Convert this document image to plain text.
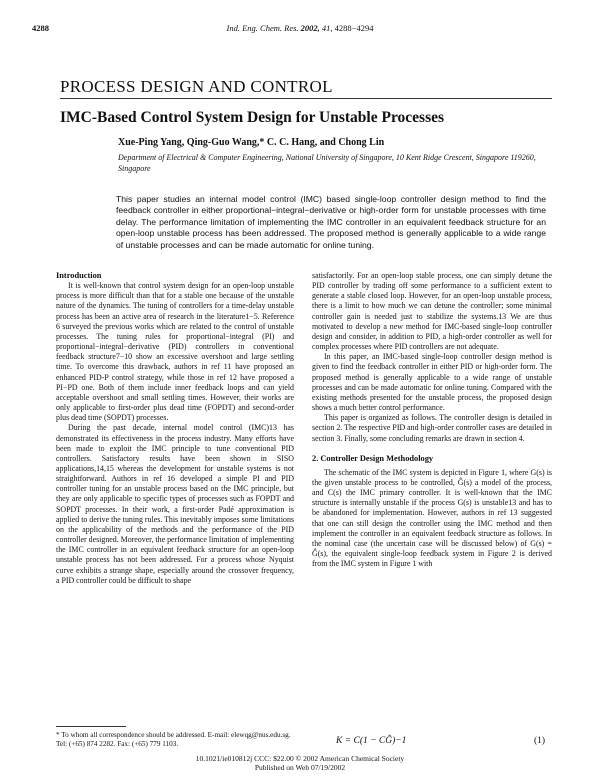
4288	Ind. Eng. Chem. Res. 2002, 41, 4288−4294
PROCESS DESIGN AND CONTROL
IMC-Based Control System Design for Unstable Processes
Xue-Ping Yang, Qing-Guo Wang,* C. C. Hang, and Chong Lin
Department of Electrical & Computer Engineering, National University of Singapore, 10 Kent Ridge Crescent, Singapore 119260, Singapore
This paper studies an internal model control (IMC) based single-loop controller design method to find the feedback controller in either proportional−integral−derivative or high-order form for unstable processes with time delay. The performance limitation of implementing the IMC controller in an equivalent feedback structure for an open-loop unstable process has been addressed. The proposed method is generally applicable to a wide range of unstable processes and can be made automatic for online tuning.
Introduction

It is well-known that control system design for an open-loop unstable process is more difficult than that for a stable one because of the unstable nature of the dynamics. The tuning of controllers for a time-delay unstable process has been an active area of research in the literature1−5. Reference 6 surveyed the previous works which are related to the control of unstable processes. The tuning rules for proportional−integral (PI) and proportional−integral−derivative (PID) controllers in conventional feedback structure7−10 show an excessive overshoot and large settling time. To overcome this drawback, authors in ref 11 have proposed an enhanced PID-P control strategy, while those in ref 12 have proposed a PI−PD one. Both of them include inner feedback loops and can yield acceptable overshoot and small settling times. However, their works are only applicable to first-order plus dead time (FOPDT) and second-order plus dead time (SOPDT) processes.

During the past decade, internal model control (IMC)13 has demonstrated its effectiveness in the process industry. Many efforts have been made to exploit the IMC principle to tune conventional PID controllers. Satisfactory results have been shown in SISO applications,14,15 whereas the development for unstable systems is not straightforward. Authors in ref 16 developed a simple PI and PID controller tuning for an unstable process based on the IMC principle, but they are only applicable to specific types of processes such as FOPDT and SOPDT processes. In their work, a first-order Padé approximation is applied to derive the tuning rules. This inevitably imposes some limitations on the applicability of the methods and the performance of the PID controller designed. Moreover, the performance limitation of implementing the IMC controller in an equivalent feedback structure for an open-loop unstable process has not been addressed. For a process whose Nyquist curve exhibits a strange shape, especially around the crossover frequency, a PID controller could be difficult to shape

satisfactorily. For an open-loop stable process, one can simply detune the PID controller by trading off some performance to a sufficient extent to generate a stable closed loop. However, for an open-loop unstable process, there is a limit to how much we can detune the controller; some minimal controller gain is needed just to stabilize the systems.13 We are thus motivated to develop a new method for IMC-based single-loop controller design and consider, in addition to PID, a high-order controller as well for complex processes where PID controllers are not adequate.

In this paper, an IMC-based single-loop controller design method is given to find the feedback controller in either PID or high-order form. The proposed method is generally applicable to a wide range of unstable processes and can be made automatic for online tuning. Compared with the existing methods presented for the unstable process, the proposed design shows a much better control performance.

This paper is organized as follows. The controller design is detailed in section 2. The respective PID and high-order controller cases are detailed in section 3. Finally, some concluding remarks are drawn in section 4.

2. Controller Design Methodology

The schematic of the IMC system is depicted in Figure 1, where G(s) is the given unstable process to be controlled, Ĝ(s) a model of the process, and C(s) the IMC primary controller. It is well-known that the IMC structure is internally unstable if the process G(s) is unstable13 and has to be abandoned for implementation. However, authors in ref 13 suggested that one can still design the controller using the IMC method and then implement the controller in an equivalent feedback structure as follows. In the nominal case (the uncertain case will be discussed below) of G(s) = Ĝ(s), the equivalent single-loop feedback system in Figure 2 is derived from the IMC system in Figure 1 with

* To whom all correspondence should be addressed. E-mail: elewqg@nus.edu.sg. Tel: (+65) 874 2282. Fax: (+65) 779 1103.	K = C(1 − CĜ)−1	(1)
10.1021/ie010812j CCC: $22.00 © 2002 American Chemical Society
Published on Web 07/19/2002
